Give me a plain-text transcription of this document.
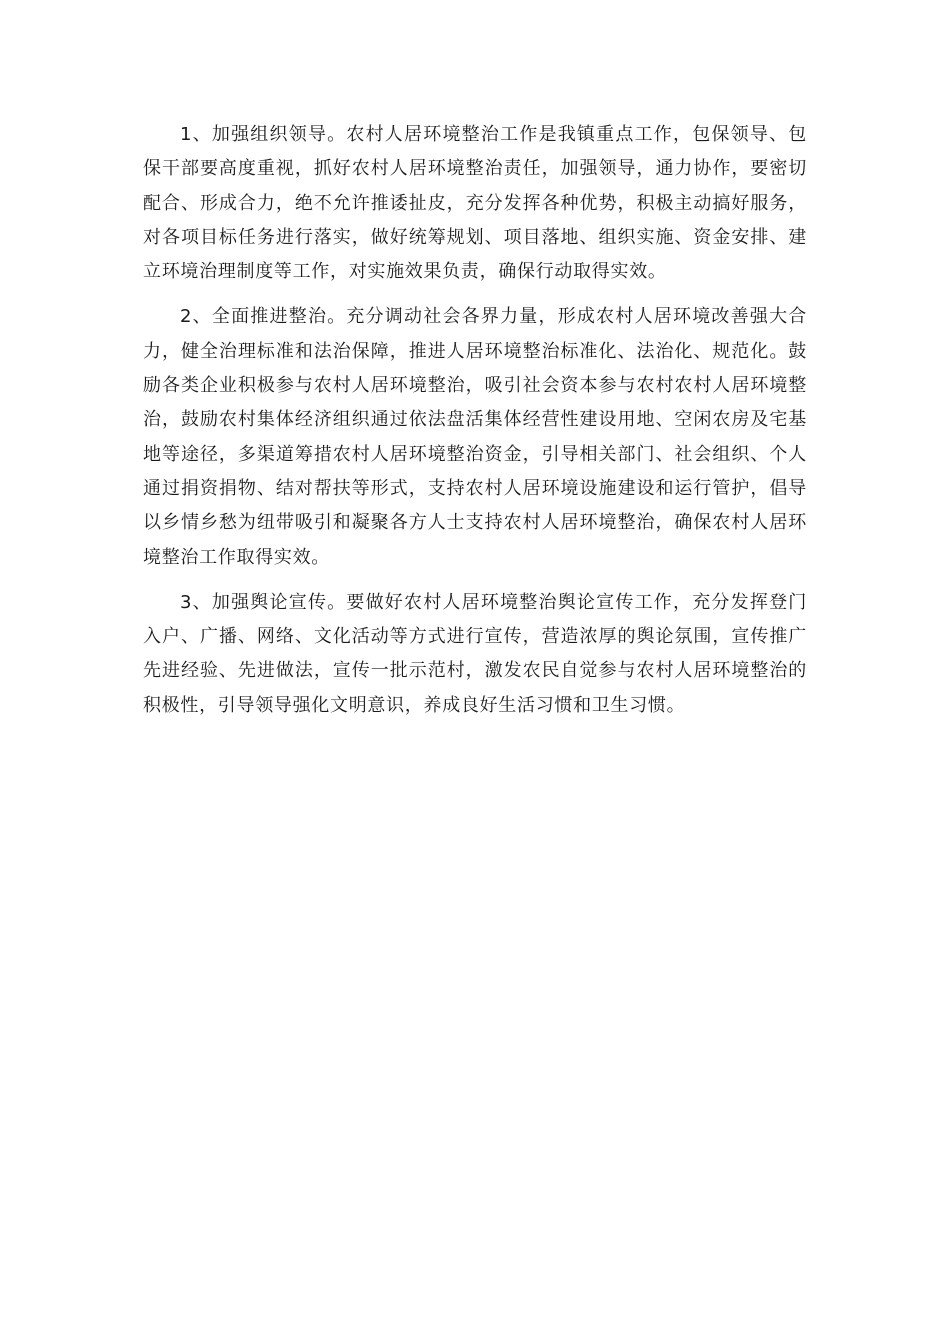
1、加强组织领导。农村人居环境整治工作是我镇重点工作，包保领导、包保干部要高度重视，抓好农村人居环境整治责任，加强领导，通力协作，要密切配合、形成合力，绝不允许推诿扯皮，充分发挥各种优势，积极主动搞好服务，对各项目标任务进行落实，做好统筹规划、项目落地、组织实施、资金安排、建立环境治理制度等工作，对实施效果负责，确保行动取得实效。

2、全面推进整治。充分调动社会各界力量，形成农村人居环境改善强大合力，健全治理标准和法治保障，推进人居环境整治标准化、法治化、规范化。鼓励各类企业积极参与农村人居环境整治，吸引社会资本参与农村农村人居环境整治，鼓励农村集体经济组织通过依法盘活集体经营性建设用地、空闲农房及宅基地等途径，多渠道筹措农村人居环境整治资金，引导相关部门、社会组织、个人通过捐资捐物、结对帮扶等形式，支持农村人居环境设施建设和运行管护，倡导以乡情乡愁为纽带吸引和凝聚各方人士支持农村人居环境整治，确保农村人居环境整治工作取得实效。

3、加强舆论宣传。要做好农村人居环境整治舆论宣传工作，充分发挥登门入户、广播、网络、文化活动等方式进行宣传，营造浓厚的舆论氛围，宣传推广先进经验、先进做法，宣传一批示范村，激发农民自觉参与农村人居环境整治的积极性，引导领导强化文明意识，养成良好生活习惯和卫生习惯。
